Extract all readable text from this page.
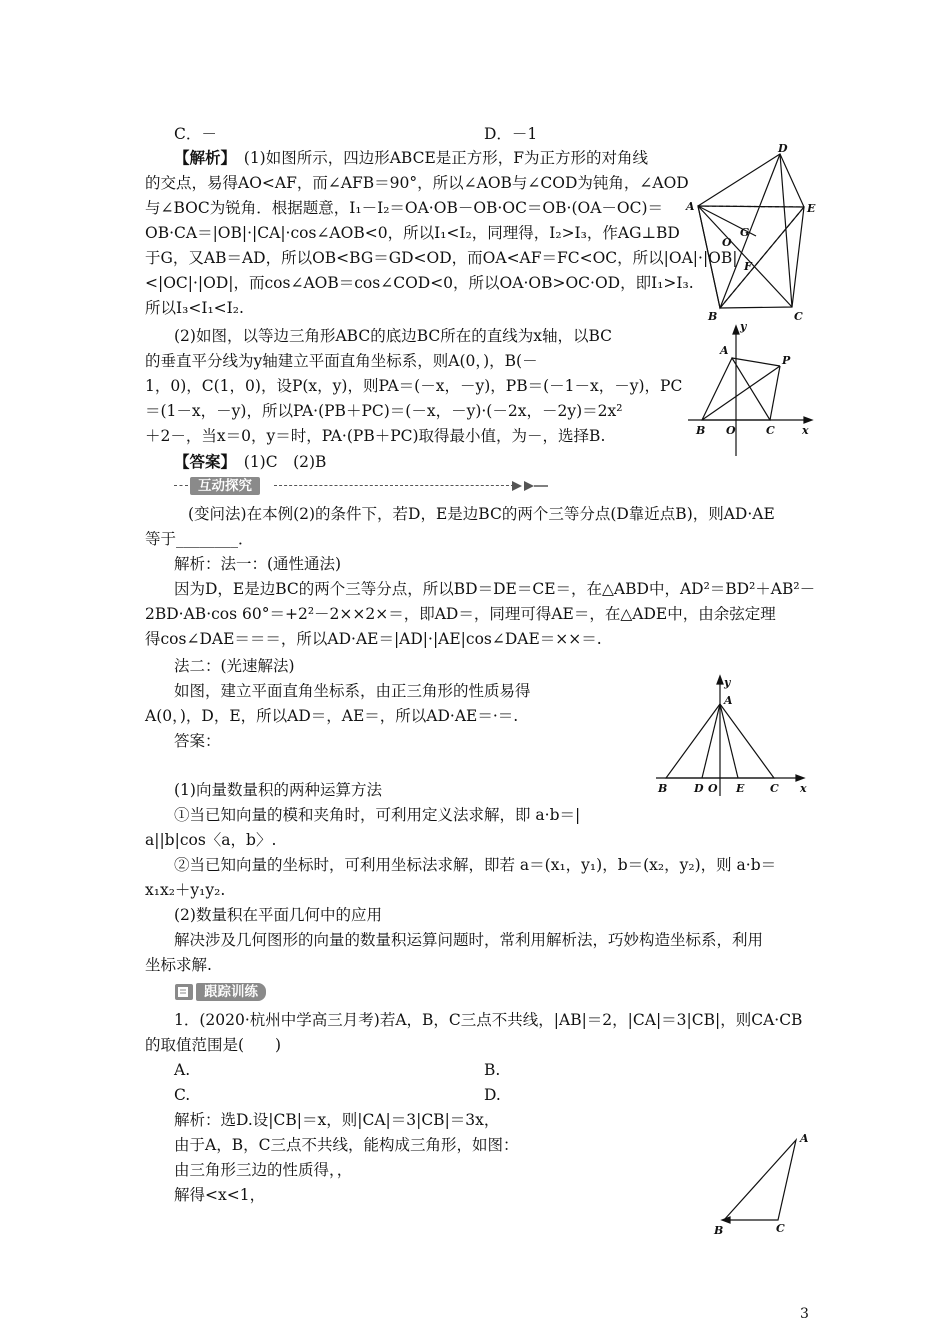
C．－	D．－1
【解析】　(1)如图所示，四边形ABCE是正方形，F为正方形的对角线
的交点，易得AO<AF，而∠AFB＝90°，所以∠AOB与∠COD为钝角，∠AOD
与∠BOC为锐角．根据题意，I₁－I₂＝OA·OB－OB·OC＝OB·(OA－OC)＝
OB·CA＝|OB|·|CA|·cos∠AOB<0，所以I₁<I₂，同理得，I₂>I₃，作AG⊥BD
于G，又AB＝AD，所以OB<BG＝GD<OD，而OA<AF＝FC<OC，所以|OA|·|OB|
<|OC|·|OD|，而cos∠AOB＝cos∠COD<0，所以OA·OB>OC·OD，即I₁>I₃.
所以I₃<I₁<I₂.
(2)如图，以等边三角形ABC的底边BC所在的直线为x轴，以BC
的垂直平分线为y轴建立平面直角坐标系，则A(0，)，B(－
1，0)，C(1，0)，设P(x，y)，则PA＝(－x，－y)，PB＝(－1－x，－y)，PC
＝(1－x，－y)，所以PA·(PB＋PC)＝(－x，－y)·(－2x，－2y)＝2x²
＋2－，当x＝0，y＝时，PA·(PB＋PC)取得最小值，为－，选择B.
【答案】　(1)C　(2)B
互动探究
(变问法)在本例(2)的条件下，若D，E是边BC的两个三等分点(D靠近点B)，则AD·AE
等于________．
解析：法一：(通性通法)
因为D，E是边BC的两个三等分点，所以BD＝DE＝CE＝，在△ABD中，AD²＝BD²＋AB²－
2BD·AB·cos 60°＝+2²－2××2×＝，即AD＝，同理可得AE＝，在△ADE中，由余弦定理
得cos∠DAE＝＝＝，所以AD·AE＝|AD|·|AE|cos∠DAE＝××＝.
法二：(光速解法)
如图，建立平面直角坐标系，由正三角形的性质易得
A(0，)，D，E，所以AD＝，AE＝，所以AD·AE＝·＝.
答案：
(1)向量数量积的两种运算方法
①当已知向量的模和夹角时，可利用定义法求解，即 a·b＝|
a||b|cos〈a，b〉.
②当已知向量的坐标时，可利用坐标法求解，即若 a＝(x₁，y₁)，b＝(x₂，y₂)，则 a·b＝
x₁x₂＋y₁y₂.
(2)数量积在平面几何中的应用
解决涉及几何图形的向量的数量积运算问题时，常利用解析法，巧妙构造坐标系，利用
坐标求解.
跟踪训练
1．(2020·杭州中学高三月考)若A，B，C三点不共线，|AB|＝2，|CA|＝3|CB|，则CA·CB
的取值范围是(　　)
A.	B.
C.	D.
解析：选D.设|CB|＝x，则|CA|＝3|CB|＝3x，
由于A，B，C三点不共线，能构成三角形，如图：
由三角形三边的性质得，，
解得<x<1，
A
D
E
B	C
G
O
F
y
A
P
B O	C x
y
A
B D O E C x
A
B	C
3
